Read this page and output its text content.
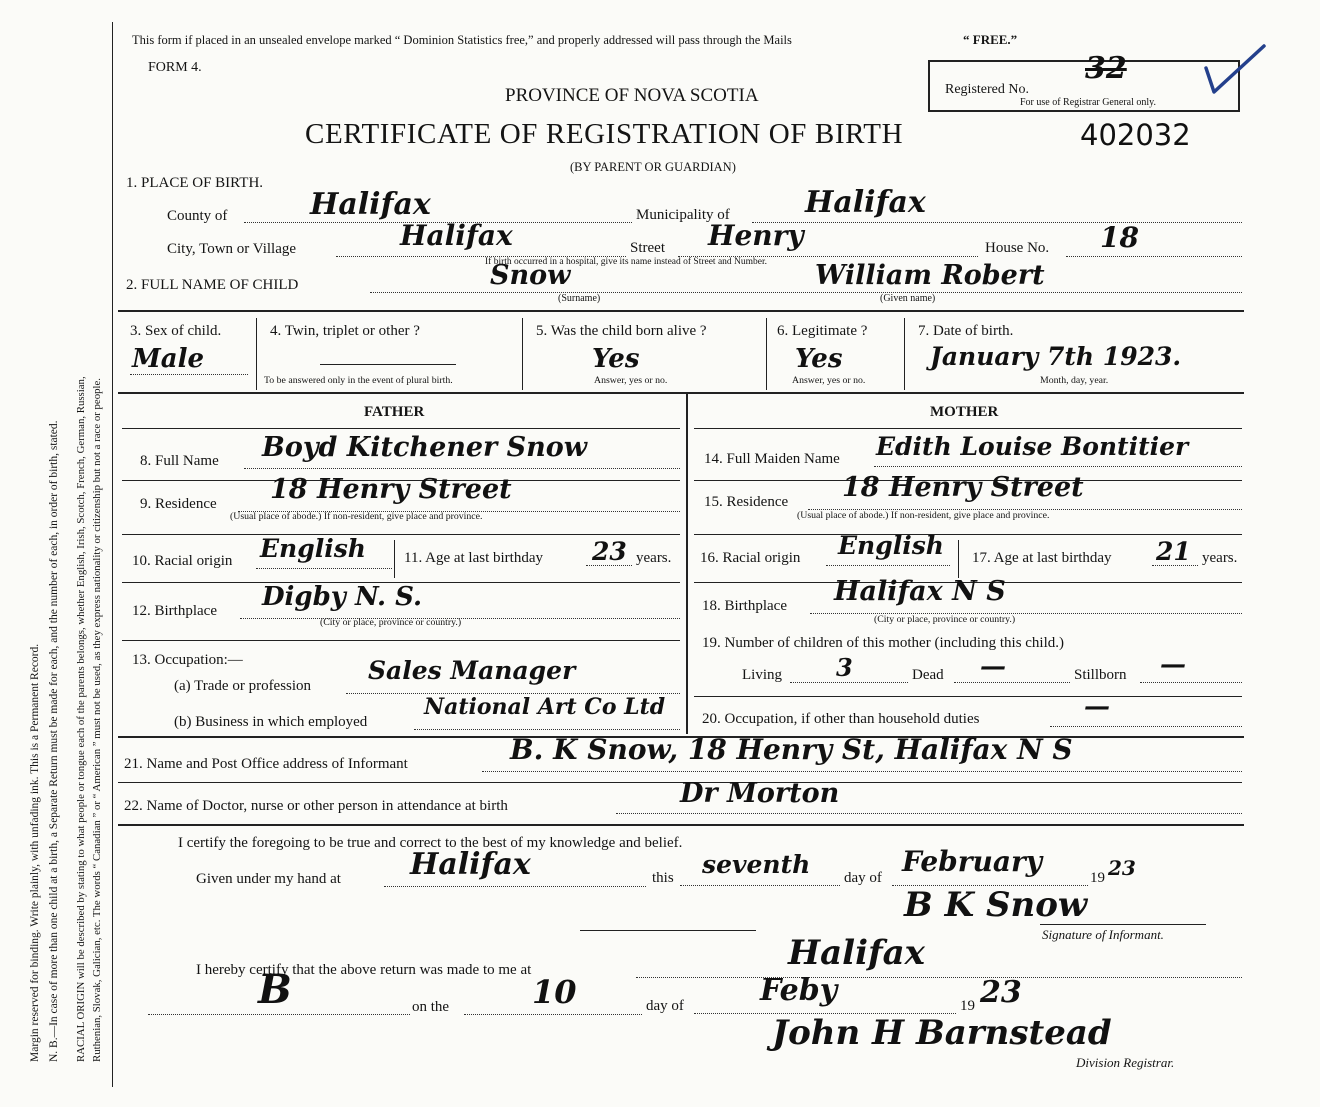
Margin reserved for binding. Write plainly, with unfading ink. This is a Permanent Record. N. B.—In case of more than one child at a birth, a Separate Return must be made for each, and the number of each, in order of birth, stated. RACIAL ORIGIN will be described by stating to what people or tongue each of the parents belongs, whether English, Irish, Scotch, French, German, Russian, Ruthenian, Slovak, Galician, etc. The words “ Canadian ” or “ American ” must not be used, as they express nationality or citizenship but not a race or people.
This form if placed in an unsealed envelope marked “ Dominion Statistics free,” and properly addressed will pass through the Mails	“ FREE.”
FORM 4.
PROVINCE OF NOVA SCOTIA
CERTIFICATE OF REGISTRATION OF BIRTH
(BY PARENT OR GUARDIAN)
402032
Registered No.
32
For use of Registrar General only.
1. PLACE OF BIRTH.
County of	Halifax	Municipality of	Halifax
City, Town or Village	Halifax	Street Henry	House No. 18
If birth occurred in a hospital, give its name instead of Street and Number.
2. FULL NAME OF CHILD	Snow
(Surname)
William Robert
(Given name)
3. Sex of child.
Male
4. Twin, triplet or other ?
To be answered only in the event of plural birth.
5. Was the child born alive ?
Yes
Answer, yes or no.
6. Legitimate ?
Yes
Answer, yes or no.
7. Date of birth.
January 7th 1923.
Month, day, year.
FATHER	MOTHER
8. Full Name Boyd Kitchener Snow
9. Residence 18 Henry Street
(Usual place of abode.) If non-resident, give place and province.
10. Racial origin English	11. Age at last birthday 23 years.
12. Birthplace Digby N. S.
(City or place, province or country.)
13. Occupation:—
(a) Trade or profession
Sales Manager
(b) Business in which employed
National Art Co Ltd
14. Full Maiden Name Edith Louise Bontitier
15. Residence 18 Henry Street
(Usual place of abode.) If non-resident, give place and province.
16. Racial origin English 17. Age at last birthday 21 years.
18. Birthplace Halifax N S
(City or place, province or country.)
19. Number of children of this mother (including this child.)
Living 3	Dead —	Stillborn —
20. Occupation, if other than household duties	—
21. Name and Post Office address of Informant	B. K Snow, 18 Henry St, Halifax N S
22. Name of Doctor, nurse or other person in attendance at birth	Dr Morton
I certify the foregoing to be true and correct to the best of my knowledge and belief.
Given under my hand at Halifax	this seventh day of February	19 23
B K Snow
Signature of Informant.
I hereby certify that the above return was made to me at	Halifax
B	on the	10	day of	Feby	19 23
John H Barnstead
Division Registrar.
